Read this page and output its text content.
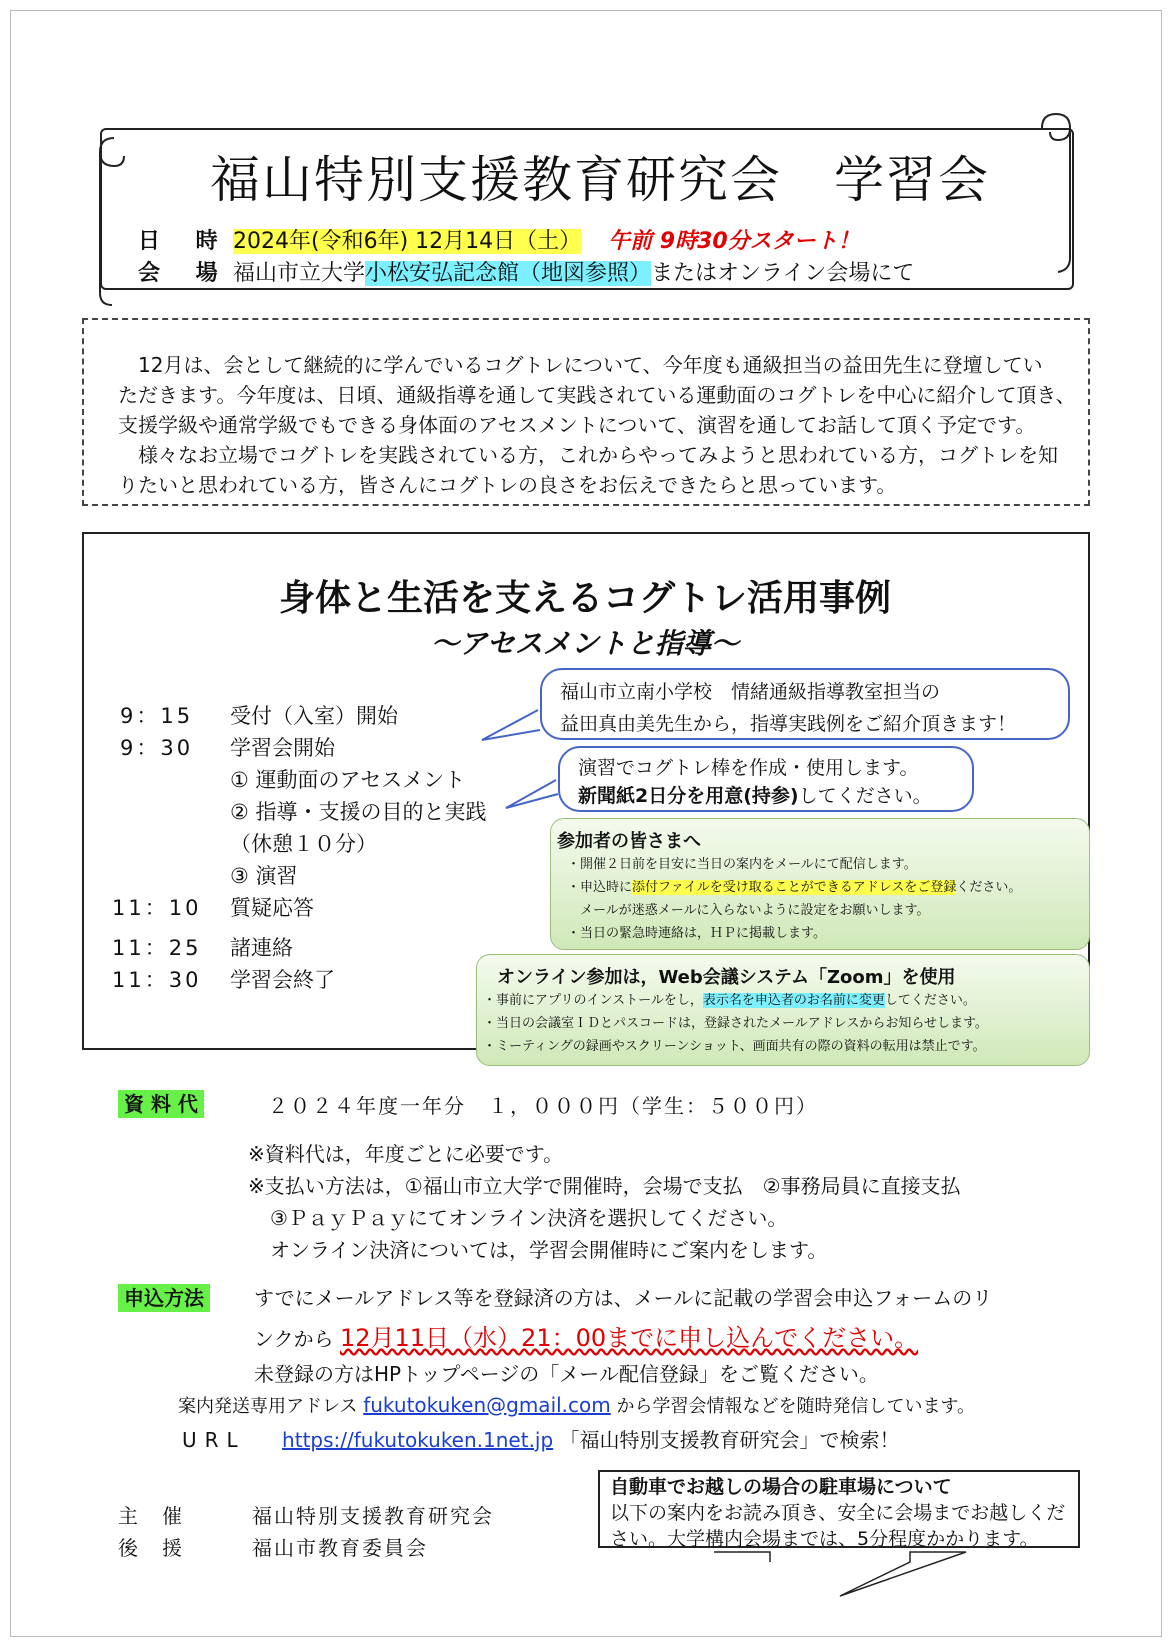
福山特別支援教育研究会　学習会
日 時 2024年(令和6年) 12月14日（土） 午前 9時30分スタート！
会 場 福山市立大学小松安弘記念館（地図参照）またはオンライン会場にて

　12月は、会として継続的に学んでいるコグトレについて、今年度も通級担当の益田先生に登壇してい

ただきます。今年度は、日頃、通級指導を通して実践されている運動面のコグトレを中心に紹介して頂き、

支援学級や通常学級でもできる身体面のアセスメントについて、演習を通してお話して頂く予定です。

　様々なお立場でコグトレを実践されている方，これからやってみようと思われている方，コグトレを知

りたいと思われている方，皆さんにコグトレの良さをお伝えできたらと思っています。

身体と生活を支えるコグトレ活用事例
～アセスメントと指導～
9：15 受付（入室）開始
9：30 学習会開始
① 運動面のアセスメント
② 指導・支援の目的と実践
（休憩１０分）
③ 演習
11：10 質疑応答
11：25 諸連絡
11：30 学習会終了
福山市立南小学校　情緒通級指導教室担当の
益田真由美先生から，指導実践例をご紹介頂きます！
演習でコグトレ棒を作成・使用します。
新聞紙2日分を用意(持参)してください。
参加者の皆さまへ
・開催２日前を目安に当日の案内をメールにて配信します。
・申込時に添付ファイルを受け取ることができるアドレスをご登録ください。
　メールが迷惑メールに入らないように設定をお願いします。
・当日の緊急時連絡は，ＨＰに掲載します。
オンライン参加は，Web会議システム「Zoom」を使用
・事前にアプリのインストールをし，表示名を申込者のお名前に変更してください。
・当日の会議室ＩＤとパスコードは，登録されたメールアドレスからお知らせします。
・ミーティングの録画やスクリーンショット、画面共有の際の資料の転用は禁止です。
資 料 代	２０２４年度一年分　１，０００円（学生：５００円）
※資料代は，年度ごとに必要です。
※支払い方法は，①福山市立大学で開催時，会場で支払　②事務局員に直接支払
③ＰａｙＰａｙにてオンライン決済を選択してください。
オンライン決済については，学習会開催時にご案内をします。
申込方法	すでにメールアドレス等を登録済の方は、メールに記載の学習会申込フォームのリ
ンクから 12月11日（水）21：00までに申し込んでください。
未登録の方はHPトップページの「メール配信登録」をご覧ください。
案内発送専用アドレス fukutokuken@gmail.com から学習会情報などを随時発信しています。
URL https://fukutokuken.1net.jp 「福山特別支援教育研究会」で検索！
主　催	福山特別支援教育研究会
後　援	福山市教育委員会
自動車でお越しの場合の駐車場について
以下の案内をお読み頂き、安全に会場までお越しください。大学構内会場までは、5分程度かかります。
